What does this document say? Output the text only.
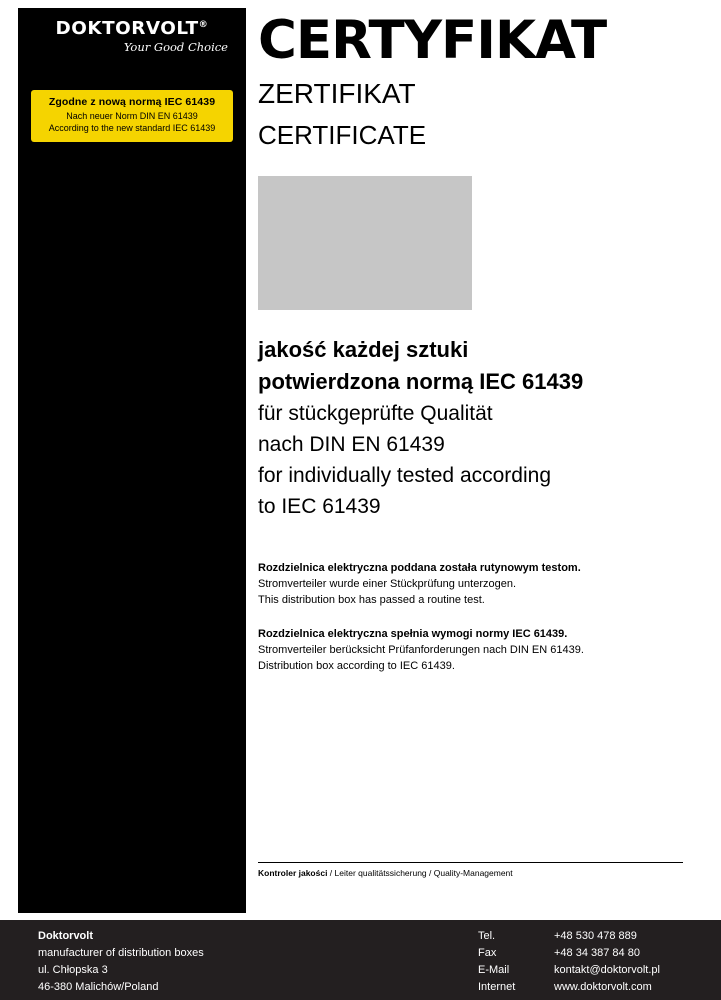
DOKTORVOLT®
Your Good Choice
Zgodne z nową normą IEC 61439
Nach neuer Norm DIN EN 61439
According to the new standard IEC 61439
CERTYFIKAT
ZERTIFIKAT
CERTIFICATE

jakość każdej sztuki

potwierdzona normą IEC 61439

für stückgeprüfte Qualität

nach DIN EN 61439

for individually tested according

to IEC 61439

Rozdzielnica elektryczna poddana została rutynowym testom.

Stromverteiler wurde einer Stückprüfung unterzogen.

This distribution box has passed a routine test.

Rozdzielnica elektryczna spełnia wymogi normy IEC 61439.

Stromverteiler berücksicht Prüfanforderungen nach DIN EN 61439.

Distribution box according to IEC 61439.

Kontroler jakości / Leiter qualitätssicherung / Quality-Management
Doktorvolt
manufacturer of distribution boxes
ul. Chłopska 3
46-380 Malichów/Poland
Tel.	+48 530 478 889
Fax	+48 34 387 84 80
E-Mail	kontakt@doktorvolt.pl
Internet	www.doktorvolt.com
